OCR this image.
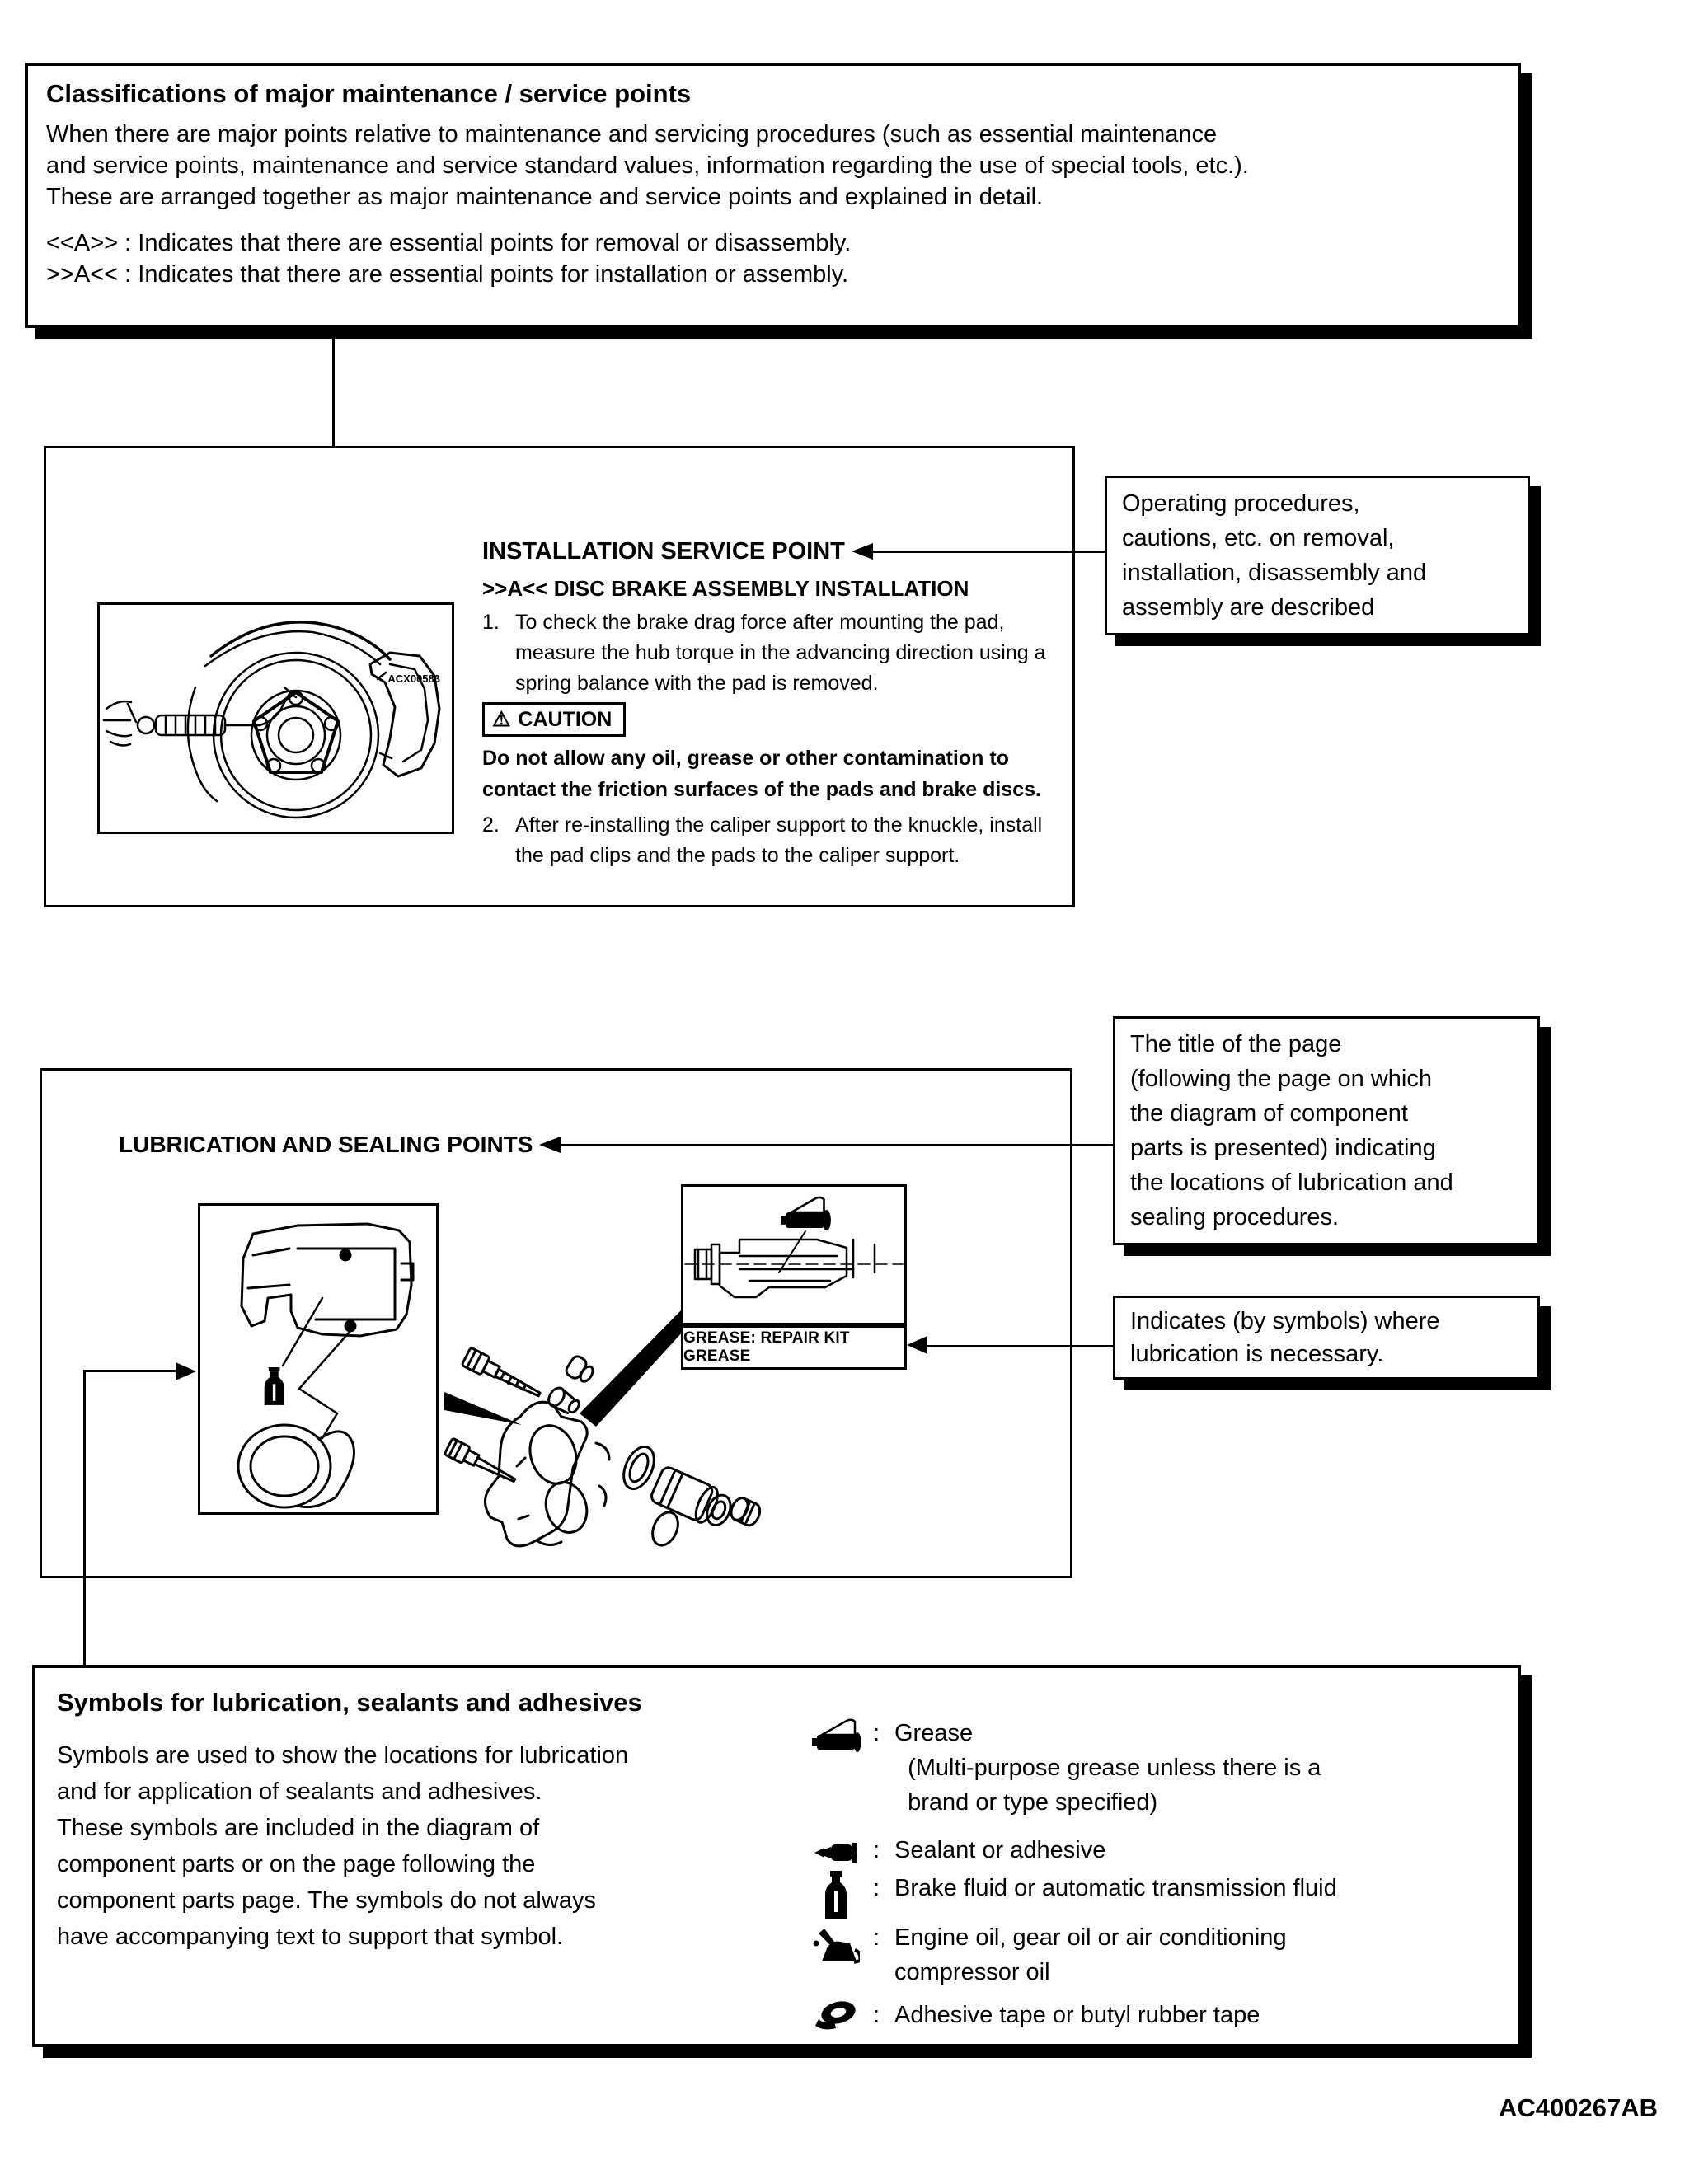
Classifications of major maintenance / service points
When there are major points relative to maintenance and servicing procedures (such as essential maintenance
and service points, maintenance and service standard values, information regarding the use of special tools, etc.).
These are arranged together as major maintenance and service points and explained in detail.
<<A>> : Indicates that there are essential points for removal or disassembly.
>>A<< : Indicates that there are essential points for installation or assembly.
ACX00583
INSTALLATION SERVICE POINT
>>A<< DISC BRAKE ASSEMBLY INSTALLATION
1. To check the brake drag force after mounting the pad,
measure the hub torque in the advancing direction using a
spring balance with the pad is removed.
⚠ CAUTION
Do not allow any oil, grease or other contamination to
contact the friction surfaces of the pads and brake discs.
2. After re-installing the caliper support to the knuckle, install
the pad clips and the pads to the caliper support.
Operating procedures,
cautions, etc. on removal,
installation, disassembly and
assembly are described
The title of the page
(following the page on which
the diagram of component
parts is presented) indicating
the locations of lubrication and
sealing procedures.
Indicates (by symbols) where
lubrication is necessary.
LUBRICATION AND SEALING POINTS
GREASE: REPAIR KIT GREASE
Symbols for lubrication, sealants and adhesives
Symbols are used to show the locations for lubrication
and for application of sealants and adhesives.
These symbols are included in the diagram of
component parts or on the page following the
component parts page. The symbols do not always
have accompanying text to support that symbol.
: Grease
(Multi-purpose grease unless there is a
brand or type specified)
: Sealant or adhesive
: Brake fluid or automatic transmission fluid
: Engine oil, gear oil or air conditioning
compressor oil
: Adhesive tape or butyl rubber tape
AC400267AB
